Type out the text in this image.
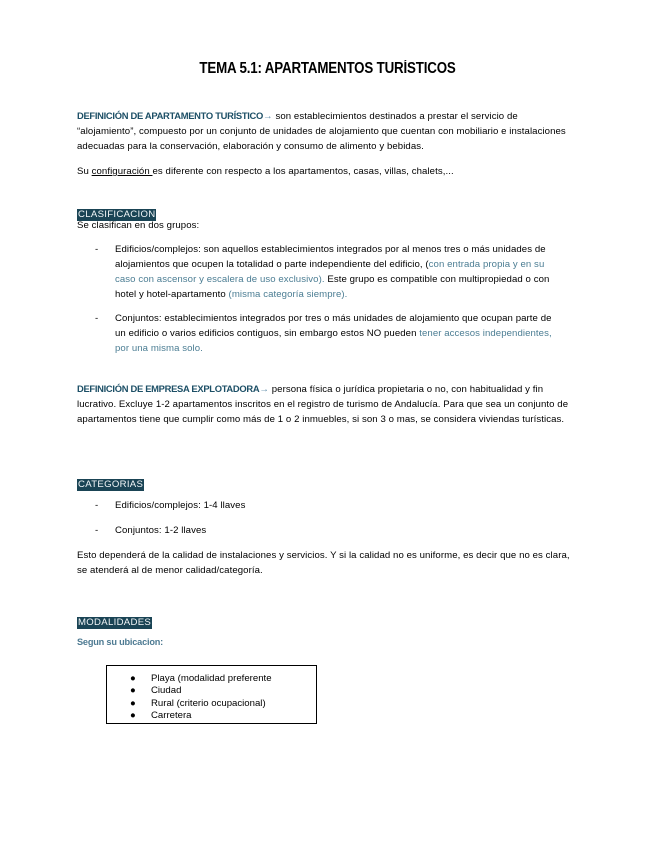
TEMA 5.1: APARTAMENTOS TURÍSTICOS
DEFINICIÓN DE APARTAMENTO TURÍSTICO→ son establecimientos destinados a prestar el servicio de “alojamiento”, compuesto por un conjunto de unidades de alojamiento que cuentan con mobiliario e instalaciones adecuadas para la conservación, elaboración y consumo de alimento y bebidas.
Su configuración es diferente con respecto a los apartamentos, casas, villas, chalets,...
CLASIFICACION
Se clasifican en dos grupos:
- Edificios/complejos: son aquellos establecimientos integrados por al menos tres o más unidades de alojamientos que ocupen la totalidad o parte independiente del edificio, (con entrada propia y en su caso con ascensor y escalera de uso exclusivo). Este grupo es compatible con multipropiedad o con hotel y hotel-apartamento (misma categoría siempre).
- Conjuntos: establecimientos integrados por tres o más unidades de alojamiento que ocupan parte de un edificio o varios edificios contiguos, sin embargo estos NO pueden tener accesos independientes, por una misma solo.
DEFINICIÓN DE EMPRESA EXPLOTADORA→ persona física o jurídica propietaria o no, con habitualidad y fin lucrativo. Excluye 1-2 apartamentos inscritos en el registro de turismo de Andalucía. Para que sea un conjunto de apartamentos tiene que cumplir como más de 1 o 2 inmuebles, si son 3 o mas, se considera viviendas turísticas.
CATEGORIAS
- Edificios/complejos: 1-4 llaves
- Conjuntos: 1-2 llaves
Esto dependerá de la calidad de instalaciones y servicios. Y si la calidad no es uniforme, es decir que no es clara, se atenderá al de menor calidad/categoría.
MODALIDADES
Segun su ubicacion:
● Playa (modalidad preferente
● Ciudad
● Rural (criterio ocupacional)
● Carretera
